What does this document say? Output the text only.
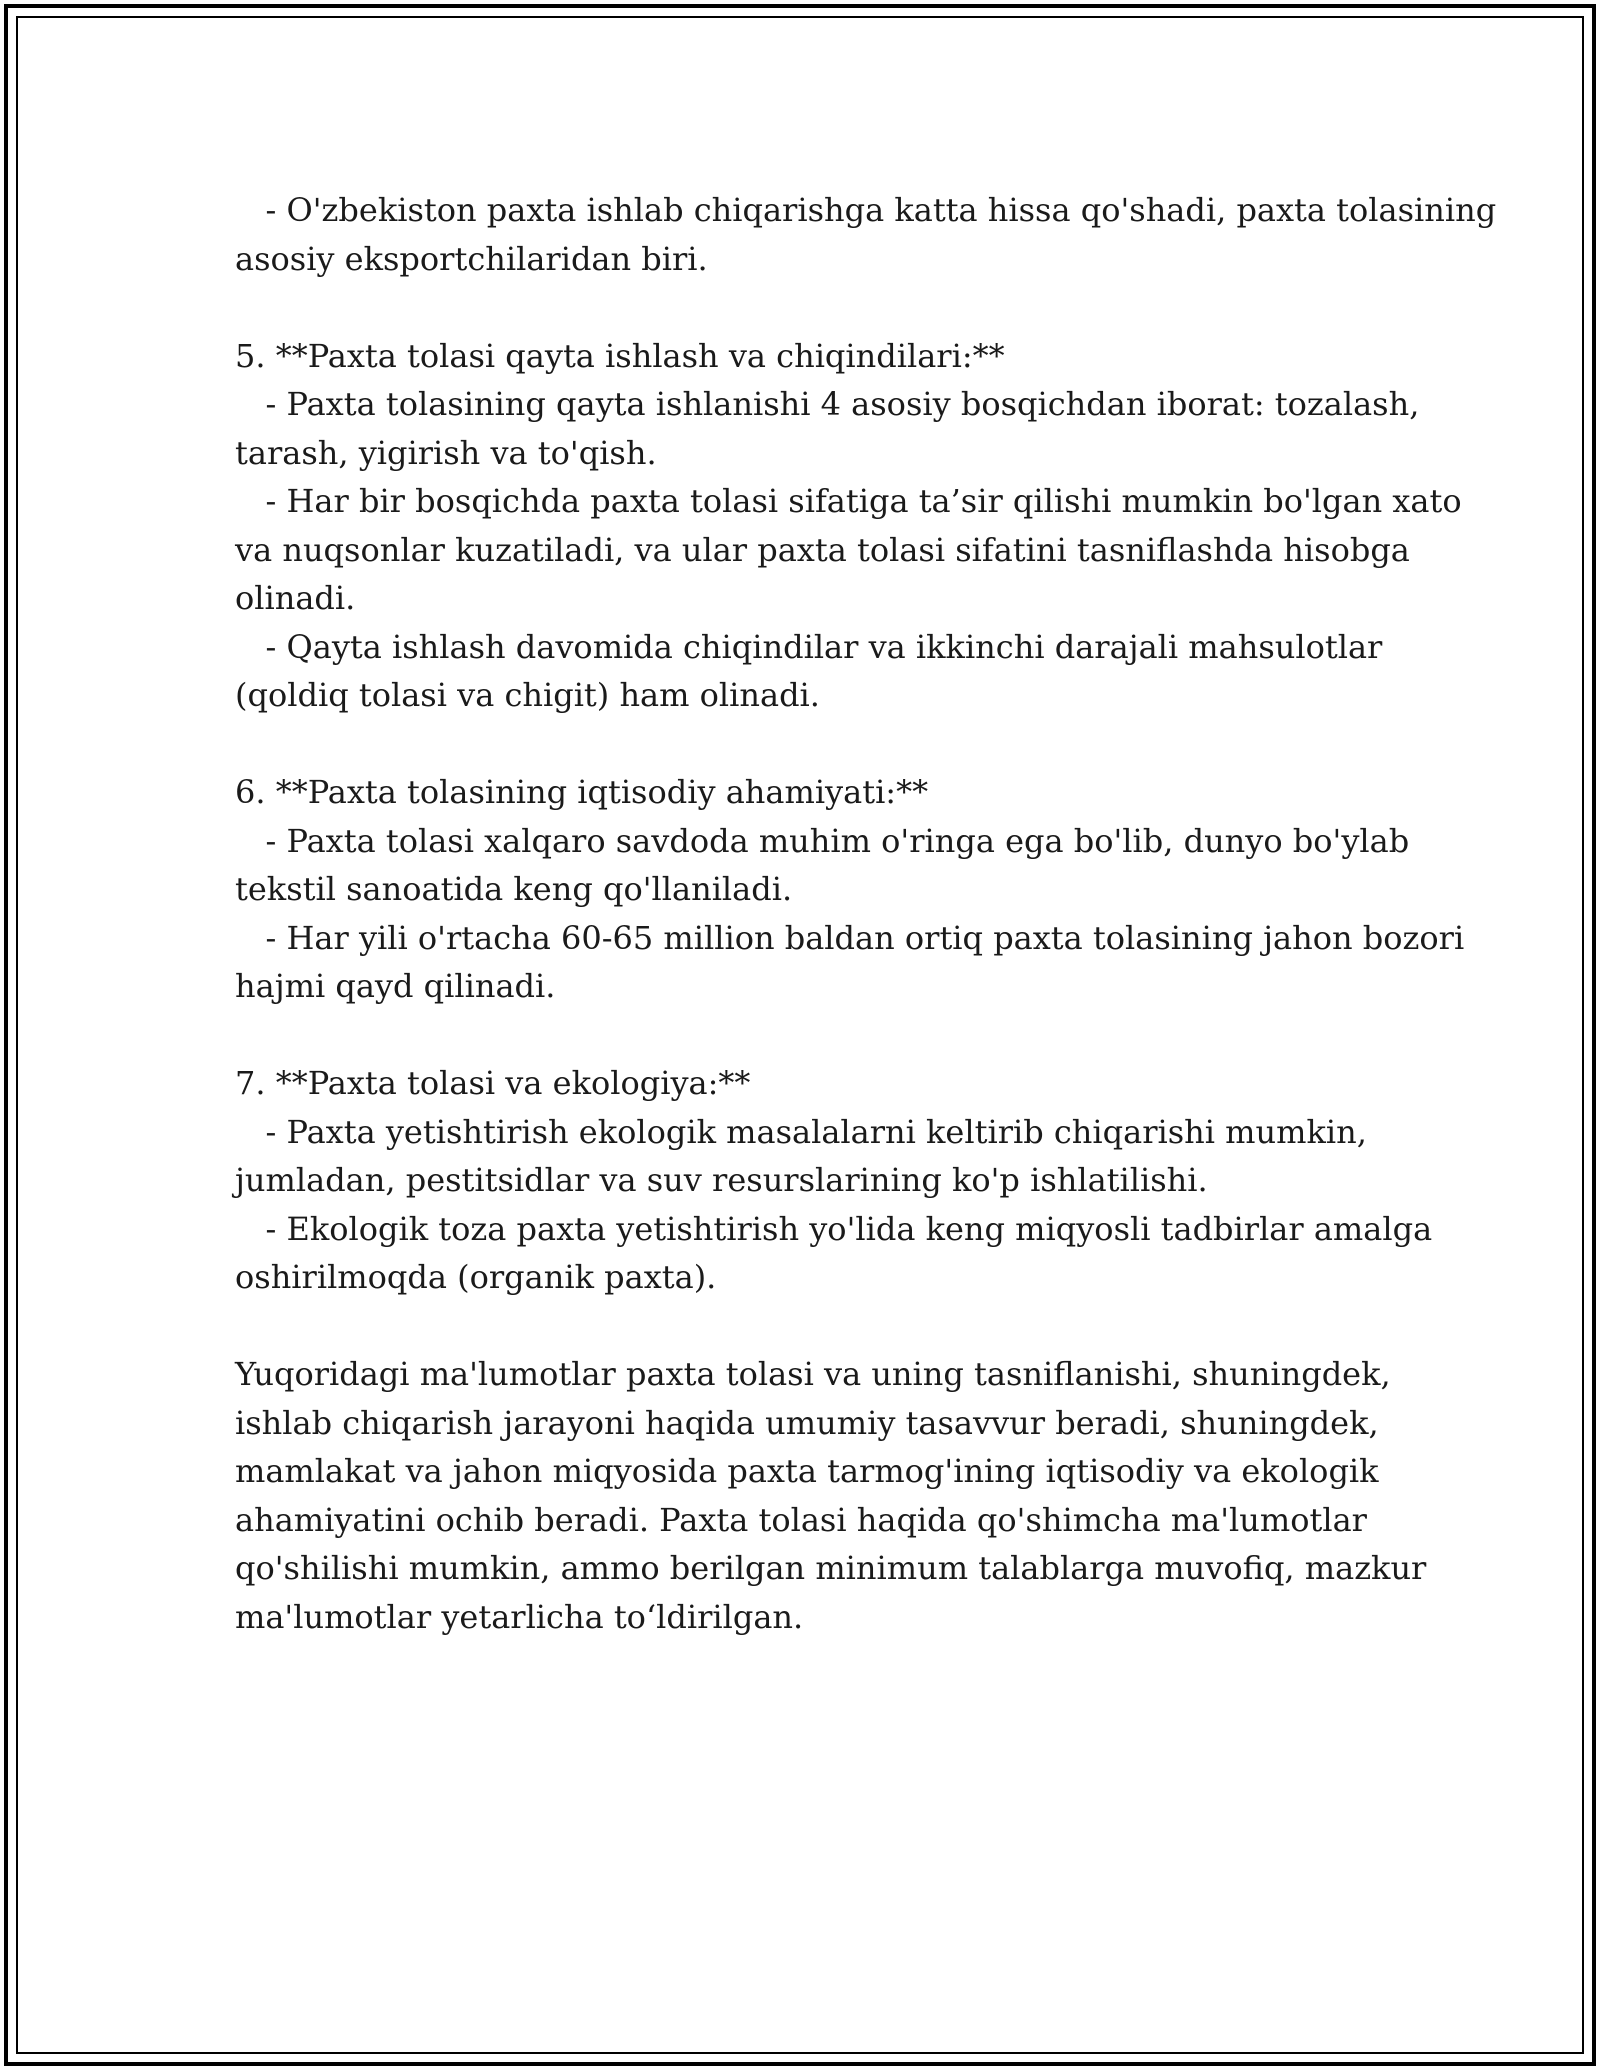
- O'zbekiston paxta ishlab chiqarishga katta hissa qo'shadi, paxta tolasining
asosiy eksportchilaridan biri.
5. **Paxta tolasi qayta ishlash va chiqindilari:**
- Paxta tolasining qayta ishlanishi 4 asosiy bosqichdan iborat: tozalash,
tarash, yigirish va to'qish.
- Har bir bosqichda paxta tolasi sifatiga ta’sir qilishi mumkin bo'lgan xato
va nuqsonlar kuzatiladi, va ular paxta tolasi sifatini tasniflashda hisobga
olinadi.
- Qayta ishlash davomida chiqindilar va ikkinchi darajali mahsulotlar
(qoldiq tolasi va chigit) ham olinadi.
6. **Paxta tolasining iqtisodiy ahamiyati:**
- Paxta tolasi xalqaro savdoda muhim o'ringa ega bo'lib, dunyo bo'ylab
tekstil sanoatida keng qo'llaniladi.
- Har yili o'rtacha 60-65 million baldan ortiq paxta tolasining jahon bozori
hajmi qayd qilinadi.
7. **Paxta tolasi va ekologiya:**
- Paxta yetishtirish ekologik masalalarni keltirib chiqarishi mumkin,
jumladan, pestitsidlar va suv resurslarining ko'p ishlatilishi.
- Ekologik toza paxta yetishtirish yo'lida keng miqyosli tadbirlar amalga
oshirilmoqda (organik paxta).
Yuqoridagi ma'lumotlar paxta tolasi va uning tasniflanishi, shuningdek,
ishlab chiqarish jarayoni haqida umumiy tasavvur beradi, shuningdek,
mamlakat va jahon miqyosida paxta tarmog'ining iqtisodiy va ekologik
ahamiyatini ochib beradi. Paxta tolasi haqida qo'shimcha ma'lumotlar
qo'shilishi mumkin, ammo berilgan minimum talablarga muvofiq, mazkur
ma'lumotlar yetarlicha to‘ldirilgan.
